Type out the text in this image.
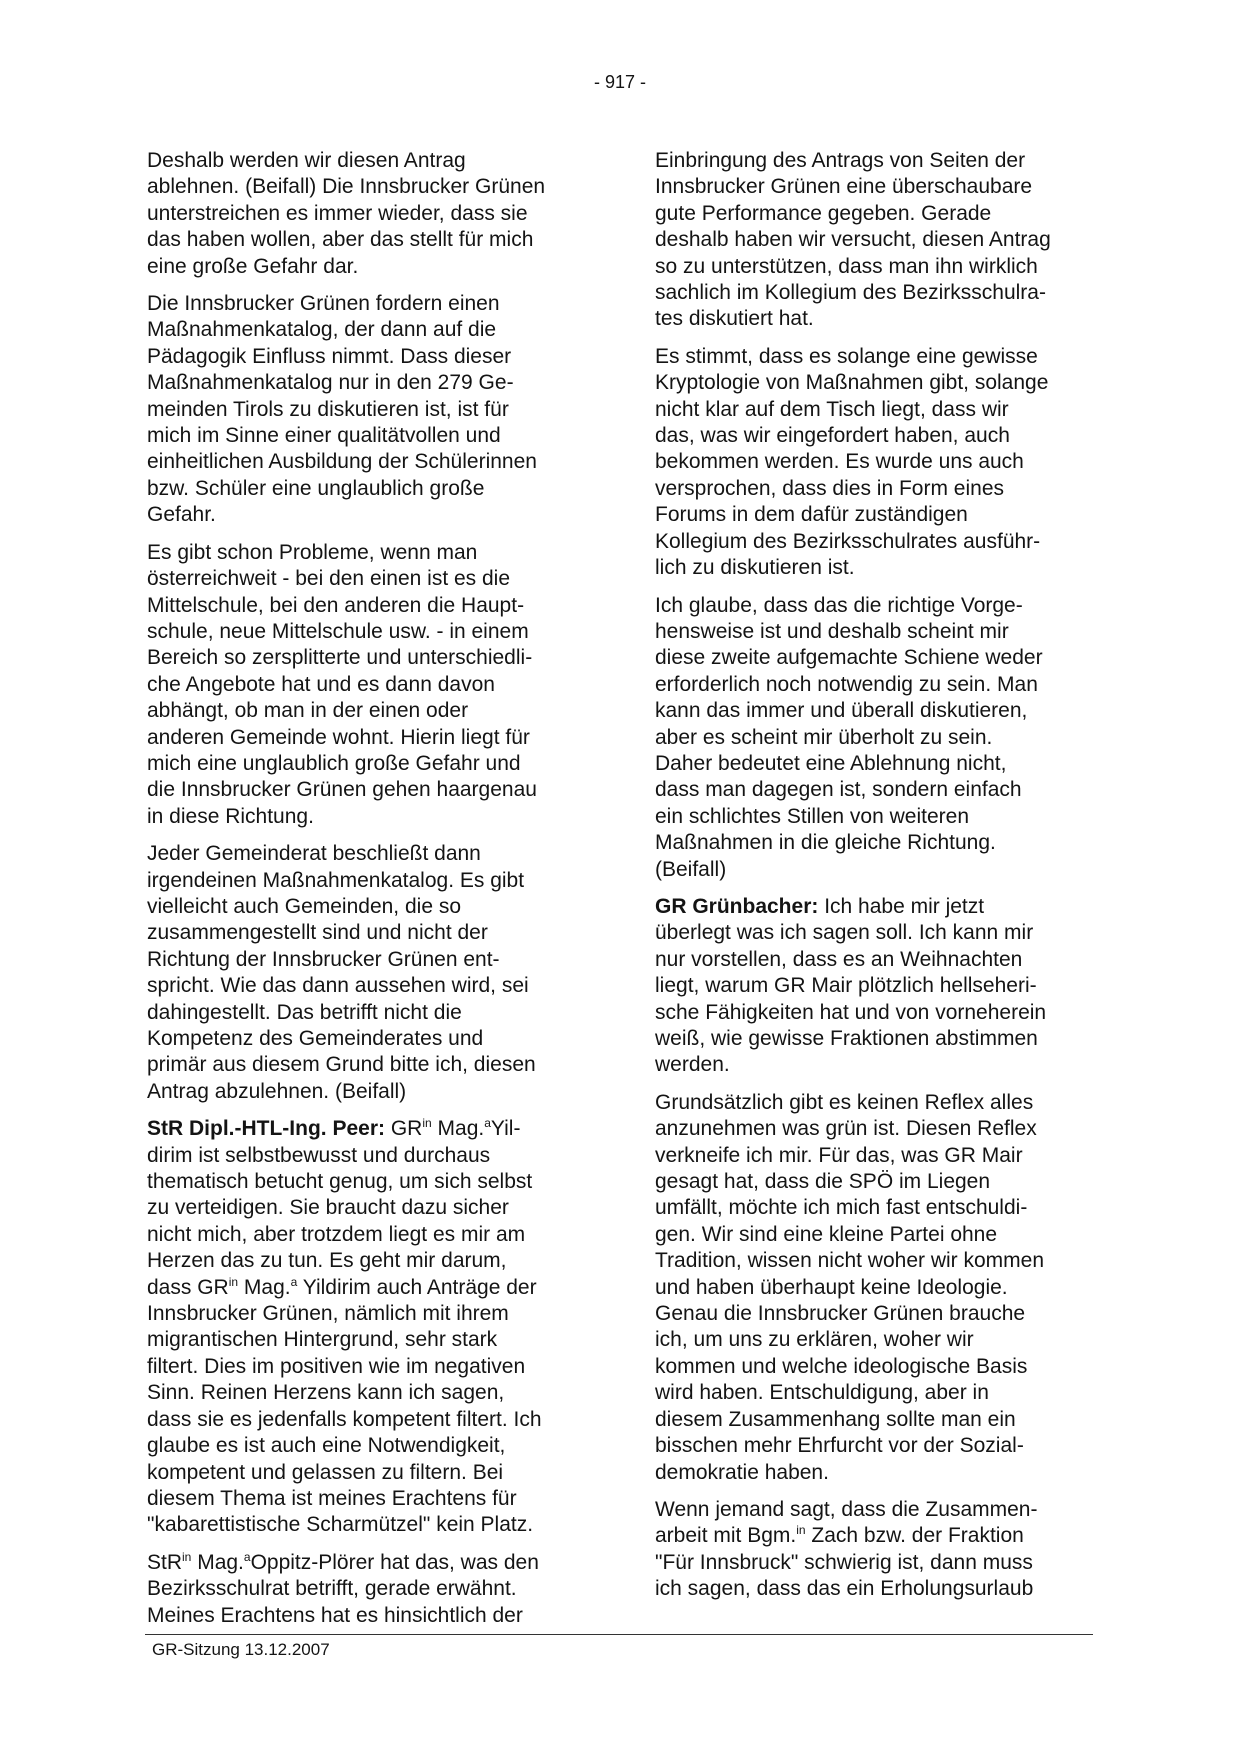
- 917 -

Deshalb werden wir diesen Antrag
ablehnen. (Beifall) Die Innsbrucker Grünen
unterstreichen es immer wieder, dass sie
das haben wollen, aber das stellt für mich
eine große Gefahr dar.

Die Innsbrucker Grünen fordern einen
Maßnahmenkatalog, der dann auf die
Pädagogik Einfluss nimmt. Dass dieser
Maßnahmenkatalog nur in den 279 Ge-
meinden Tirols zu diskutieren ist, ist für
mich im Sinne einer qualitätvollen und
einheitlichen Ausbildung der Schülerinnen
bzw. Schüler eine unglaublich große
Gefahr.

Es gibt schon Probleme, wenn man
österreichweit - bei den einen ist es die
Mittelschule, bei den anderen die Haupt-
schule, neue Mittelschule usw. - in einem
Bereich so zersplitterte und unterschiedli-
che Angebote hat und es dann davon
abhängt, ob man in der einen oder
anderen Gemeinde wohnt. Hierin liegt für
mich eine unglaublich große Gefahr und
die Innsbrucker Grünen gehen haargenau
in diese Richtung.

Jeder Gemeinderat beschließt dann
irgendeinen Maßnahmenkatalog. Es gibt
vielleicht auch Gemeinden, die so
zusammengestellt sind und nicht der
Richtung der Innsbrucker Grünen ent-
spricht. Wie das dann aussehen wird, sei
dahingestellt. Das betrifft nicht die
Kompetenz des Gemeinderates und
primär aus diesem Grund bitte ich, diesen
Antrag abzulehnen. (Beifall)

StR Dipl.-HTL-Ing. Peer: $GR^{in}$ Mag.$^a$Yil-
dirim ist selbstbewusst und durchaus
thematisch betucht genug, um sich selbst
zu verteidigen. Sie braucht dazu sicher
nicht mich, aber trotzdem liegt es mir am
Herzen das zu tun. Es geht mir darum,
dass $GR^{in}$ Mag.$^a$ Yildirim auch Anträge der
Innsbrucker Grünen, nämlich mit ihrem
migrantischen Hintergrund, sehr stark
filtert. Dies im positiven wie im negativen
Sinn. Reinen Herzens kann ich sagen,
dass sie es jedenfalls kompetent filtert. Ich
glaube es ist auch eine Notwendigkeit,
kompetent und gelassen zu filtern. Bei
diesem Thema ist meines Erachtens für
"kabarettistische Scharmützel" kein Platz.

StR$^{in}$ Mag.$^a$Oppitz-Plörer hat das, was den
Bezirksschulrat betrifft, gerade erwähnt.
Meines Erachtens hat es hinsichtlich der

Einbringung des Antrags von Seiten der
Innsbrucker Grünen eine überschaubare
gute Performance gegeben. Gerade
deshalb haben wir versucht, diesen Antrag
so zu unterstützen, dass man ihn wirklich
sachlich im Kollegium des Bezirksschulra-
tes diskutiert hat.

Es stimmt, dass es solange eine gewisse
Kryptologie von Maßnahmen gibt, solange
nicht klar auf dem Tisch liegt, dass wir
das, was wir eingefordert haben, auch
bekommen werden. Es wurde uns auch
versprochen, dass dies in Form eines
Forums in dem dafür zuständigen
Kollegium des Bezirksschulrates ausführ-
lich zu diskutieren ist.

Ich glaube, dass das die richtige Vorge-
hensweise ist und deshalb scheint mir
diese zweite aufgemachte Schiene weder
erforderlich noch notwendig zu sein. Man
kann das immer und überall diskutieren,
aber es scheint mir überholt zu sein.
Daher bedeutet eine Ablehnung nicht,
dass man dagegen ist, sondern einfach
ein schlichtes Stillen von weiteren
Maßnahmen in die gleiche Richtung.
(Beifall)

GR Grünbacher: Ich habe mir jetzt
überlegt was ich sagen soll. Ich kann mir
nur vorstellen, dass es an Weihnachten
liegt, warum GR Mair plötzlich hellseheri-
sche Fähigkeiten hat und von vorneherein
weiß, wie gewisse Fraktionen abstimmen
werden.

Grundsätzlich gibt es keinen Reflex alles
anzunehmen was grün ist. Diesen Reflex
verkneife ich mir. Für das, was GR Mair
gesagt hat, dass die SPÖ im Liegen
umfällt, möchte ich mich fast entschuldi-
gen. Wir sind eine kleine Partei ohne
Tradition, wissen nicht woher wir kommen
und haben überhaupt keine Ideologie.
Genau die Innsbrucker Grünen brauche
ich, um uns zu erklären, woher wir
kommen und welche ideologische Basis
wird haben. Entschuldigung, aber in
diesem Zusammenhang sollte man ein
bisschen mehr Ehrfurcht vor der Sozial-
demokratie haben.

Wenn jemand sagt, dass die Zusammen-
arbeit mit Bgm.$^{in}$ Zach bzw. der Fraktion
"Für Innsbruck" schwierig ist, dann muss
ich sagen, dass das ein Erholungsurlaub

GR-Sitzung 13.12.2007
